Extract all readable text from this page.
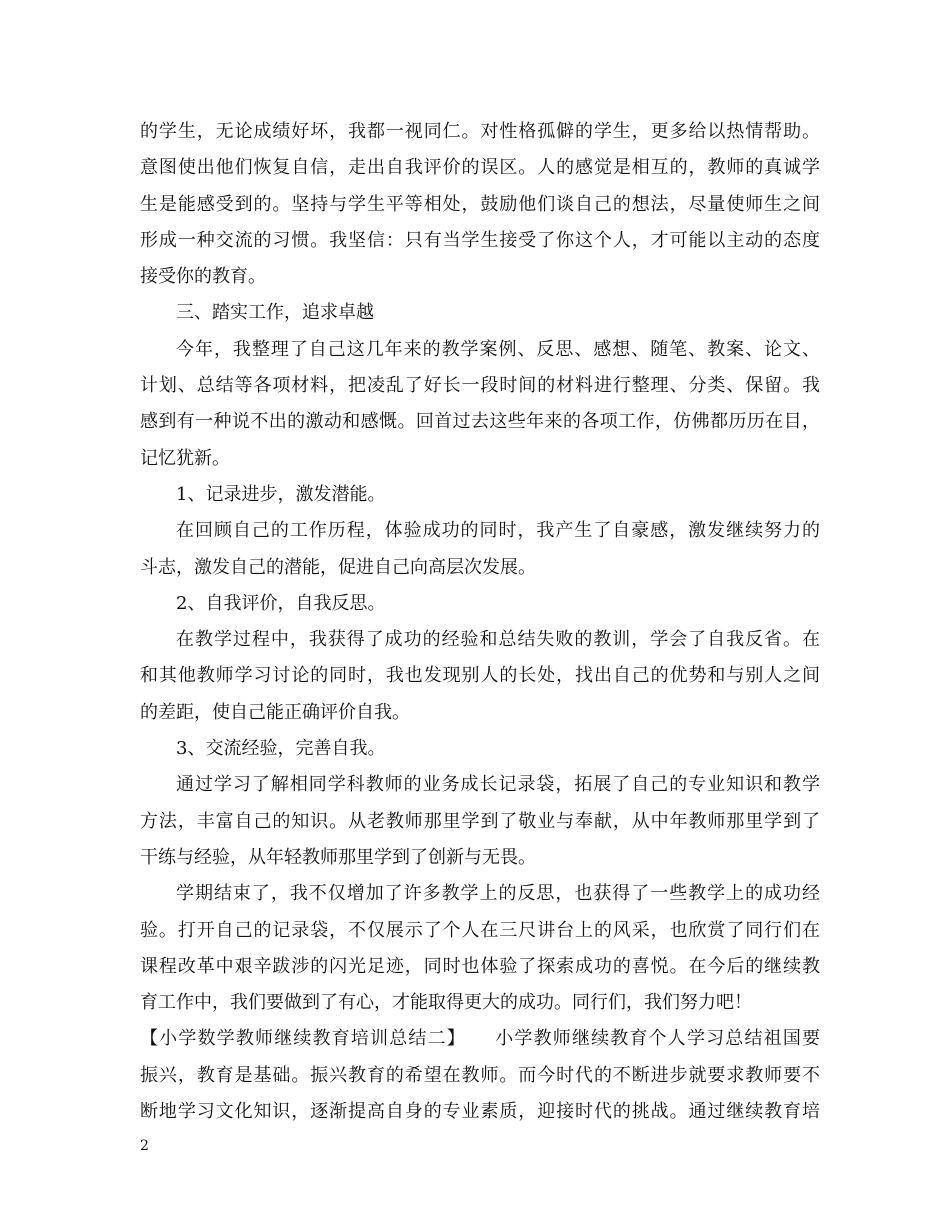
的学生，无论成绩好坏，我都一视同仁。对性格孤僻的学生，更多给以热情帮助。
意图使出他们恢复自信，走出自我评价的误区。人的感觉是相互的，教师的真诚学
生是能感受到的。坚持与学生平等相处，鼓励他们谈自己的想法，尽量使师生之间
形成一种交流的习惯。我坚信：只有当学生接受了你这个人，才可能以主动的态度
接受你的教育。
三、踏实工作，追求卓越
今年，我整理了自己这几年来的教学案例、反思、感想、随笔、教案、论文、
计划、总结等各项材料，把凌乱了好长一段时间的材料进行整理、分类、保留。我
感到有一种说不出的激动和感慨。回首过去这些年来的各项工作，仿佛都历历在目，
记忆犹新。
1、记录进步，激发潜能。
在回顾自己的工作历程，体验成功的同时，我产生了自豪感，激发继续努力的
斗志，激发自己的潜能，促进自己向高层次发展。
2、自我评价，自我反思。
在教学过程中，我获得了成功的经验和总结失败的教训，学会了自我反省。在
和其他教师学习讨论的同时，我也发现别人的长处，找出自己的优势和与别人之间
的差距，使自己能正确评价自我。
3、交流经验，完善自我。
通过学习了解相同学科教师的业务成长记录袋，拓展了自己的专业知识和教学
方法，丰富自己的知识。从老教师那里学到了敬业与奉献，从中年教师那里学到了
干练与经验，从年轻教师那里学到了创新与无畏。
学期结束了，我不仅增加了许多教学上的反思，也获得了一些教学上的成功经
验。打开自己的记录袋，不仅展示了个人在三尺讲台上的风采，也欣赏了同行们在
课程改革中艰辛跋涉的闪光足迹，同时也体验了探索成功的喜悦。在今后的继续教
育工作中，我们要做到了有心，才能取得更大的成功。同行们，我们努力吧！
【小学数学教师继续教育培训总结二】　　小学教师继续教育个人学习总结祖国要
振兴，教育是基础。振兴教育的希望在教师。而今时代的不断进步就要求教师要不
断地学习文化知识，逐渐提高自身的专业素质，迎接时代的挑战。通过继续教育培
2
